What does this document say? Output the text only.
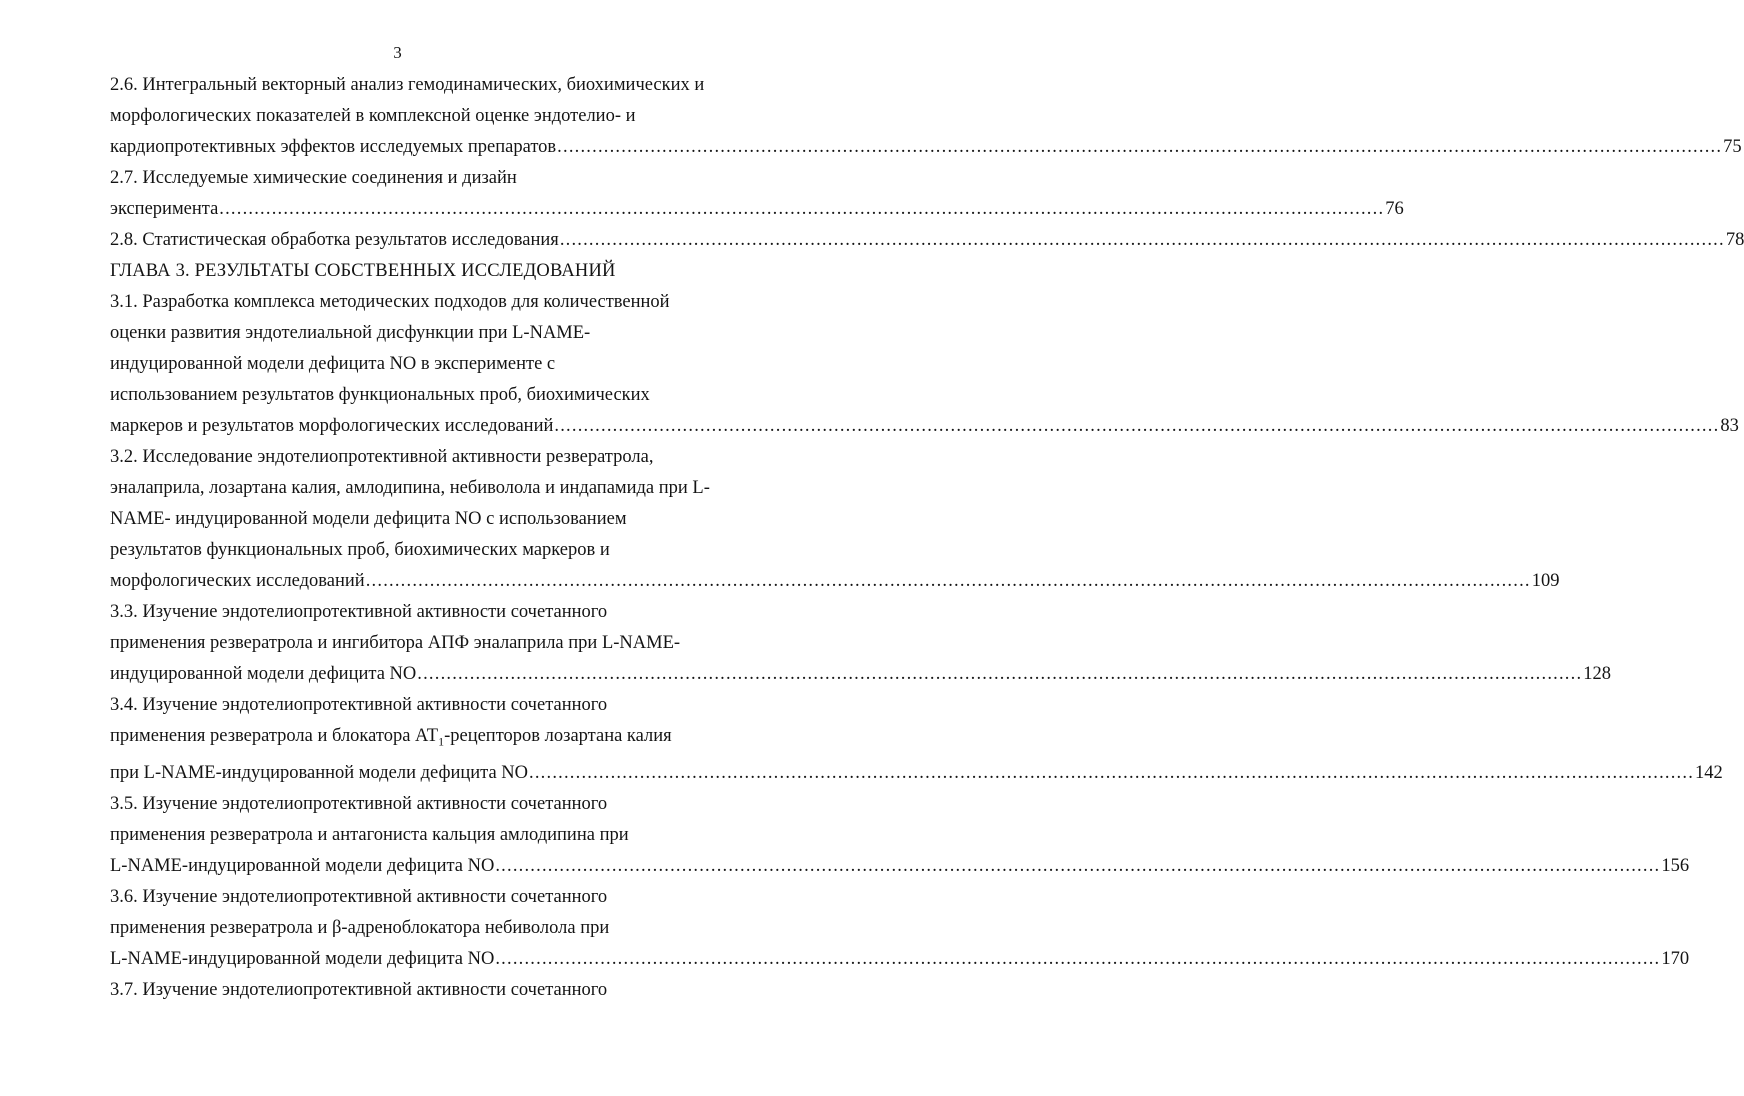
3
2.6. Интегральный векторный анализ гемодинамических, биохимических и
морфологических показателей в комплексной оценке эндотелио- и
кардиопротективных эффектов исследуемых препаратов ........................................................................................................................................................................................................ 75
2.7. Исследуемые химические соединения и дизайн
эксперимента ........................................................................................................................................................................................................ 76
2.8. Статистическая обработка результатов исследования ........................................................................................................................................................................................................ 78
ГЛАВА 3. РЕЗУЛЬТАТЫ СОБСТВЕННЫХ ИССЛЕДОВАНИЙ
3.1. Разработка комплекса методических подходов для количественной
оценки развития эндотелиальной дисфункции при L-NAME-
индуцированной модели дефицита NO в эксперименте с
использованием результатов функциональных проб, биохимических
маркеров и результатов морфологических исследований ........................................................................................................................................................................................................ 83
3.2. Исследование эндотелиопротективной активности резвератрола,
эналаприла, лозартана калия, амлодипина, небиволола и индапамида при L-
NAME- индуцированной модели дефицита NO с использованием
результатов функциональных проб, биохимических маркеров и
морфологических исследований ........................................................................................................................................................................................................ 109
3.3. Изучение эндотелиопротективной активности сочетанного
применения резвератрола и ингибитора АПФ эналаприла при L-NAME-
индуцированной модели дефицита NO ........................................................................................................................................................................................................ 128
3.4. Изучение эндотелиопротективной активности сочетанного
применения резвератрола и блокатора $АТ_1$-рецепторов лозартана калия
при L-NAME-индуцированной модели дефицита NO ........................................................................................................................................................................................................ 142
3.5. Изучение эндотелиопротективной активности сочетанного
применения резвератрола и антагониста кальция амлодипина при
L-NAME-индуцированной модели дефицита NO ........................................................................................................................................................................................................ 156
3.6. Изучение эндотелиопротективной активности сочетанного
применения резвератрола и β-адреноблокатора небиволола при
L-NAME-индуцированной модели дефицита NO ........................................................................................................................................................................................................ 170
3.7. Изучение эндотелиопротективной активности сочетанного
